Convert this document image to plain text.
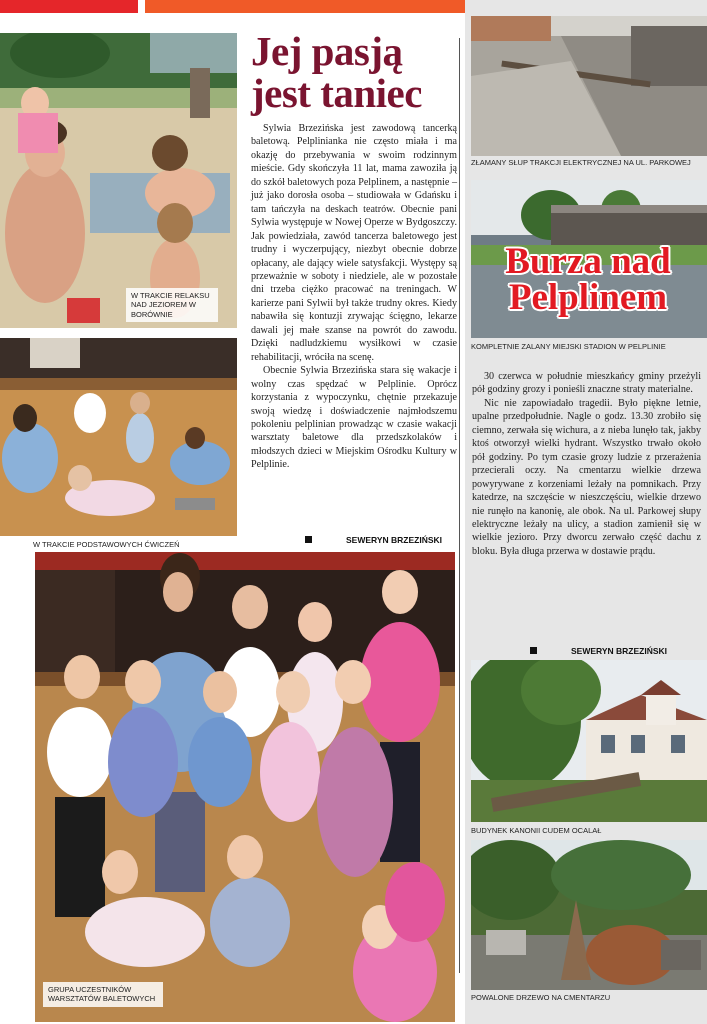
W TRAKCIE RELAKSU NAD JEZIOREM W BORÓWNIE
W TRAKCIE PODSTAWOWYCH ĆWICZEŃ
GRUPA UCZESTNIKÓW WARSZTATÓW BALETOWYCH
Jej pasją jest taniec

Sylwia Brzezińska jest zawodową tancerką baletową. Pelplinianka nie często miała i ma okazję do przebywania w swoim rodzinnym mieście. Gdy skończyła 11 lat, mama zawoziła ją do szkół baletowych poza Pelplinem, a następnie – już jako dorosła osoba – studiowała w Gdańsku i tam tańczyła na deskach teatrów. Obecnie pani Sylwia występuje w Nowej Operze w Bydgoszczy. Jak powiedziała, zawód tancerza baletowego jest trudny i wyczerpujący, niezbyt obecnie dobrze opłacany, ale dający wiele satysfakcji. Występy są przeważnie w soboty i niedziele, ale w pozostałe dni trzeba ciężko pracować na treningach. W karierze pani Sylwii był także trudny okres. Kiedy nabawiła się kontuzji zrywając ścięgno, lekarze dawali jej małe szanse na powrót do zawodu. Dzięki nadludzkiemu wysiłkowi w czasie rehabilitacji, wróciła na scenę.

Obecnie Sylwia Brzezińska stara się wakacje i wolny czas spędzać w Pelplinie. Oprócz korzystania z wypoczynku, chętnie przekazuje swoją wiedzę i doświadczenie najmłodszemu pokoleniu pelplinian prowadząc w czasie wakacji warsztaty baletowe dla przedszkolaków i młodszych dzieci w Miejskim Ośrodku Kultury w Pelplinie.

SEWERYN BRZEZIŃSKI
ZŁAMANY SŁUP TRAKCJI ELEKTRYCZNEJ NA UL. PARKOWEJ
Burza nad Pelplinem
KOMPLETNIE ZALANY MIEJSKI STADION W PELPLINIE

30 czerwca w południe mieszkańcy gminy przeżyli pół godziny grozy i ponieśli znaczne straty materialne.

Nic nie zapowiadało tragedii. Było piękne letnie, upalne przedpołudnie. Nagle o godz. 13.30 zrobiło się ciemno, zerwała się wichura, a z nieba lunęło tak, jakby ktoś otworzył wielki hydrant. Wszystko trwało około pół godziny. Po tym czasie grozy ludzie z przerażenia przecierali oczy. Na cmentarzu wielkie drzewa powyrywane z korzeniami leżały na pomnikach. Przy katedrze, na szczęście w nieszczęściu, wielkie drzewo nie runęło na kanonię, ale obok. Na ul. Parkowej słupy elektryczne leżały na ulicy, a stadion zamienił się w wielkie jezioro. Przy dworcu zerwało część dachu z bloku. Była długa przerwa w dostawie prądu.

SEWERYN BRZEZIŃSKI
BUDYNEK KANONII CUDEM OCALAŁ
POWALONE DRZEWO NA CMENTARZU
